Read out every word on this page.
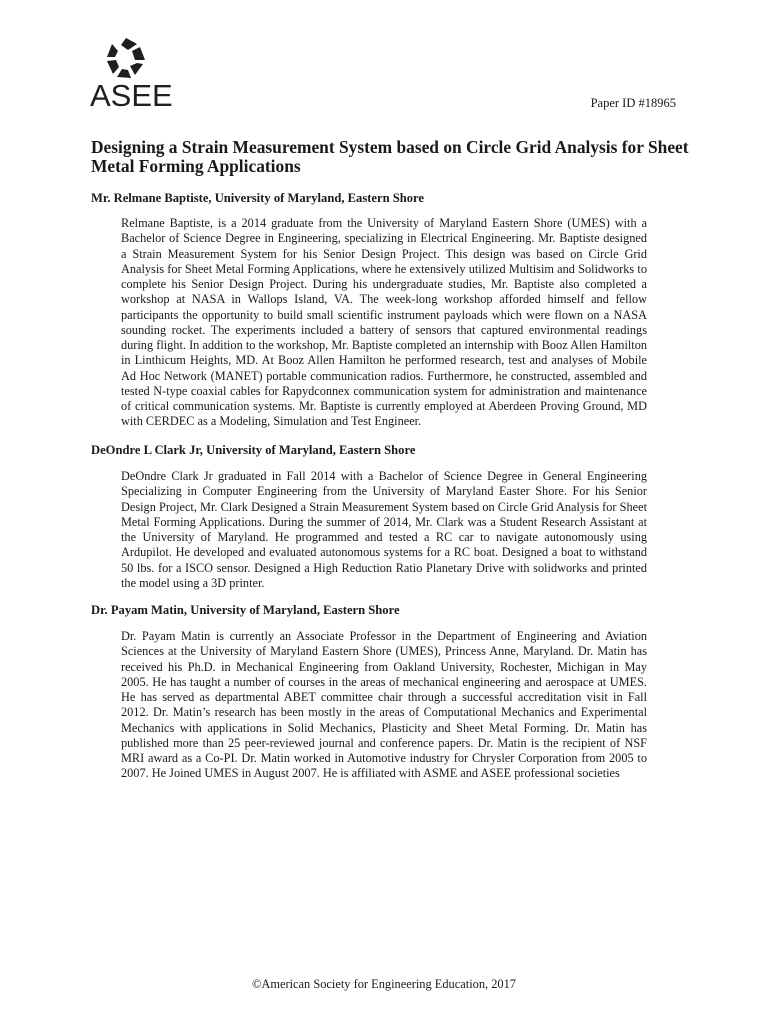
ASEE	Paper ID #18965
Designing a Strain Measurement System based on Circle Grid Analysis for Sheet Metal Forming Applications

Mr. Relmane Baptiste, University of Maryland, Eastern Shore

Relmane Baptiste, is a 2014 graduate from the University of Maryland Eastern Shore (UMES) with a Bachelor of Science Degree in Engineering, specializing in Electrical Engineering. Mr. Baptiste designed a Strain Measurement System for his Senior Design Project. This design was based on Circle Grid Analysis for Sheet Metal Forming Applications, where he extensively utilized Multisim and Solidworks to complete his Senior Design Project. During his undergraduate studies, Mr. Baptiste also completed a workshop at NASA in Wallops Island, VA. The week-long workshop afforded himself and fellow participants the opportunity to build small scientific instrument payloads which were flown on a NASA sounding rocket. The experiments included a battery of sensors that captured environmental readings during flight. In addition to the workshop, Mr. Baptiste completed an internship with Booz Allen Hamilton in Linthicum Heights, MD. At Booz Allen Hamilton he performed research, test and analyses of Mobile Ad Hoc Network (MANET) portable communication radios. Furthermore, he constructed, assembled and tested N-type coaxial cables for Rapydconnex communication system for administration and maintenance of critical communication systems. Mr. Baptiste is currently employed at Aberdeen Proving Ground, MD with CERDEC as a Modeling, Simulation and Test Engineer.

DeOndre L Clark Jr, University of Maryland, Eastern Shore

DeOndre Clark Jr graduated in Fall 2014 with a Bachelor of Science Degree in General Engineering Specializing in Computer Engineering from the University of Maryland Easter Shore. For his Senior Design Project, Mr. Clark Designed a Strain Measurement System based on Circle Grid Analysis for Sheet Metal Forming Applications. During the summer of 2014, Mr. Clark was a Student Research Assistant at the University of Maryland. He programmed and tested a RC car to navigate autonomously using Ardupilot. He developed and evaluated autonomous systems for a RC boat. Designed a boat to withstand 50 lbs. for a ISCO sensor. Designed a High Reduction Ratio Planetary Drive with solidworks and printed the model using a 3D printer.

Dr. Payam Matin, University of Maryland, Eastern Shore

Dr. Payam Matin is currently an Associate Professor in the Department of Engineering and Aviation Sciences at the University of Maryland Eastern Shore (UMES), Princess Anne, Maryland. Dr. Matin has received his Ph.D. in Mechanical Engineering from Oakland University, Rochester, Michigan in May 2005. He has taught a number of courses in the areas of mechanical engineering and aerospace at UMES. He has served as departmental ABET committee chair through a successful accreditation visit in Fall 2012. Dr. Matin’s research has been mostly in the areas of Computational Mechanics and Experimental Mechanics with applications in Solid Mechanics, Plasticity and Sheet Metal Forming. Dr. Matin has published more than 25 peer-reviewed journal and conference papers. Dr. Matin is the recipient of NSF MRI award as a Co-PI. Dr. Matin worked in Automotive industry for Chrysler Corporation from 2005 to 2007. He Joined UMES in August 2007. He is affiliated with ASME and ASEE professional societies

©American Society for Engineering Education, 2017
